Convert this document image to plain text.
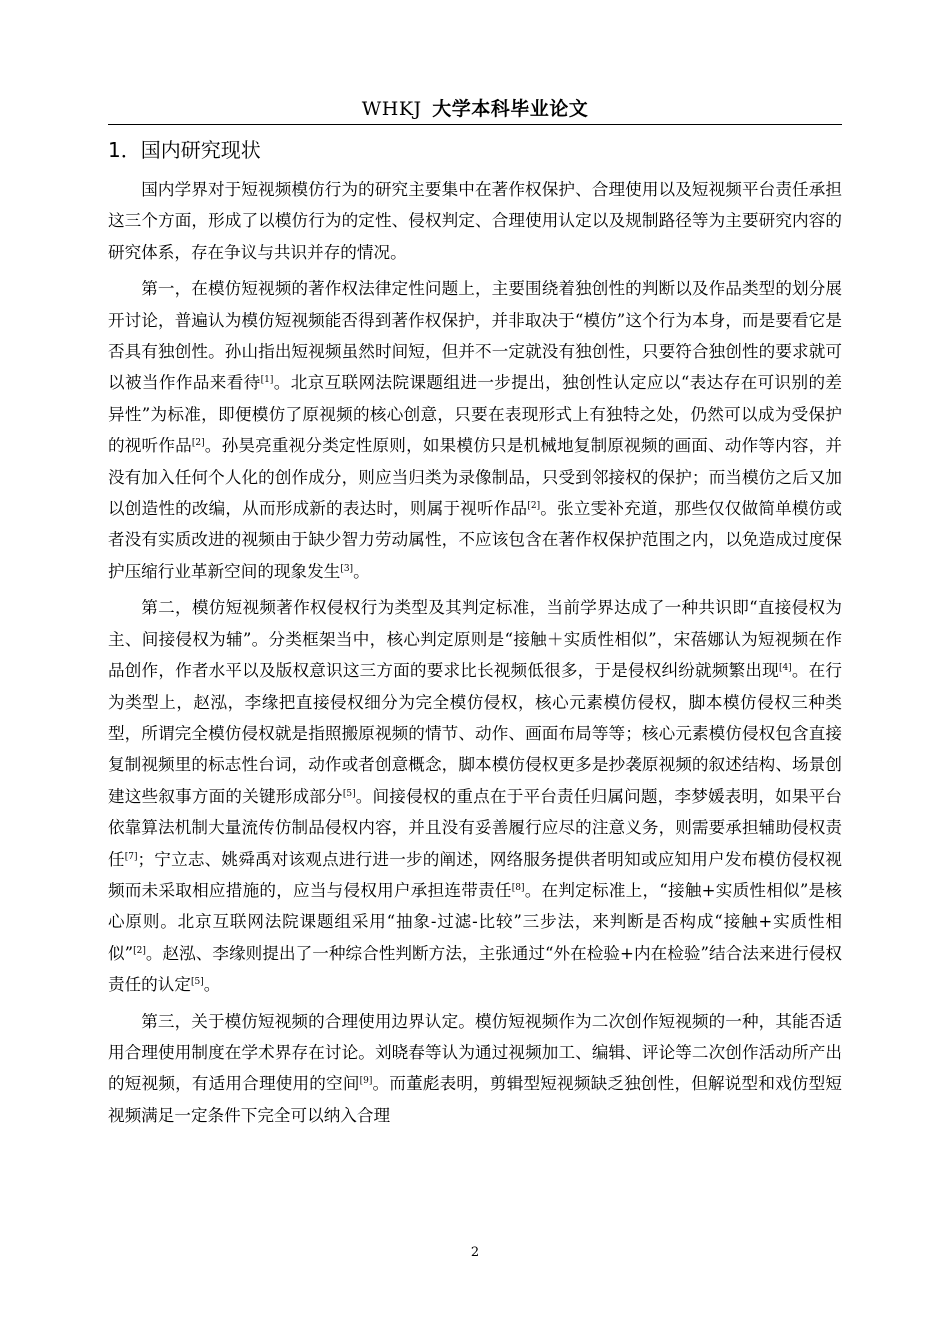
WHKJ 大学本科毕业论文
1．国内研究现状

国内学界对于短视频模仿行为的研究主要集中在著作权保护、合理使用以及短视频平台责任承担这三个方面，形成了以模仿行为的定性、侵权判定、合理使用认定以及规制路径等为主要研究内容的研究体系，存在争议与共识并存的情况。

第一，在模仿短视频的著作权法律定性问题上，主要围绕着独创性的判断以及作品类型的划分展开讨论，普遍认为模仿短视频能否得到著作权保护，并非取决于“模仿”这个行为本身，而是要看它是否具有独创性。孙山指出短视频虽然时间短，但并不一定就没有独创性，只要符合独创性的要求就可以被当作作品来看待[1]。北京互联网法院课题组进一步提出，独创性认定应以“表达存在可识别的差异性”为标准，即便模仿了原视频的核心创意，只要在表现形式上有独特之处，仍然可以成为受保护的视听作品[2]。孙昊亮重视分类定性原则，如果模仿只是机械地复制原视频的画面、动作等内容，并没有加入任何个人化的创作成分，则应当归类为录像制品，只受到邻接权的保护；而当模仿之后又加以创造性的改编，从而形成新的表达时，则属于视听作品[2]。张立雯补充道，那些仅仅做简单模仿或者没有实质改进的视频由于缺少智力劳动属性，不应该包含在著作权保护范围之内，以免造成过度保护压缩行业革新空间的现象发生[3]。

第二，模仿短视频著作权侵权行为类型及其判定标准，当前学界达成了一种共识即“直接侵权为主、间接侵权为辅”。分类框架当中，核心判定原则是“接触＋实质性相似”，宋蓓娜认为短视频在作品创作，作者水平以及版权意识这三方面的要求比长视频低很多，于是侵权纠纷就频繁出现[4]。在行为类型上，赵泓，李缘把直接侵权细分为完全模仿侵权，核心元素模仿侵权，脚本模仿侵权三种类型，所谓完全模仿侵权就是指照搬原视频的情节、动作、画面布局等等；核心元素模仿侵权包含直接复制视频里的标志性台词，动作或者创意概念，脚本模仿侵权更多是抄袭原视频的叙述结构、场景创建这些叙事方面的关键形成部分[5]。间接侵权的重点在于平台责任归属问题，李梦媛表明，如果平台依靠算法机制大量流传仿制品侵权内容，并且没有妥善履行应尽的注意义务，则需要承担辅助侵权责任[7]；宁立志、姚舜禹对该观点进行进一步的阐述，网络服务提供者明知或应知用户发布模仿侵权视频而未采取相应措施的，应当与侵权用户承担连带责任[8]。在判定标准上，“接触+实质性相似”是核心原则。北京互联网法院课题组采用“抽象-过滤-比较”三步法，来判断是否构成“接触+实质性相似”[2]。赵泓、李缘则提出了一种综合性判断方法，主张通过“外在检验+内在检验”结合法来进行侵权责任的认定[5]。

第三，关于模仿短视频的合理使用边界认定。模仿短视频作为二次创作短视频的一种，其能否适用合理使用制度在学术界存在讨论。刘晓春等认为通过视频加工、编辑、评论等二次创作活动所产出的短视频，有适用合理使用的空间[9]。而董彪表明，剪辑型短视频缺乏独创性，但解说型和戏仿型短视频满足一定条件下完全可以纳入合理

2
